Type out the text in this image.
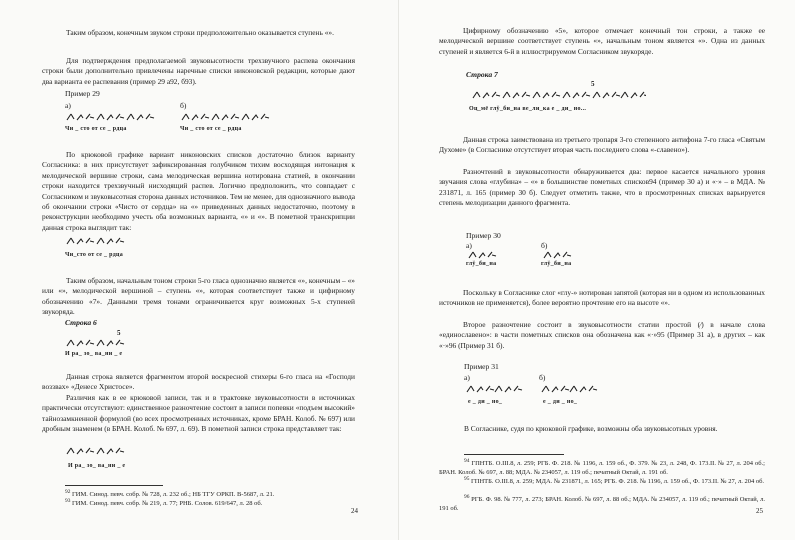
Таким образом, конечным звуком строки предположительно оказывается ступень «».
Для подтверждения предполагаемой звуковысотности трехзвучного распева окончания строки были дополнительно привлечены наречные списки никоновской редакции, которые дают два варианта ее распевания (пример 29 а92, б93).
Пример 29
а)	б)
Чи _ сто от се _ рдца	Чи _ сто от се _ рдца
По крюковой графике вариант никоновских списков достаточно близок варианту Согласника: в них присутствует зафиксированная голубчиком тихим восходящая интонация к мелодической вершине строки, сама мелодическая вершина нотирована статией, в окончании строки находится трехзвучный нисходящий распев. Логично предположить, что совпадает с Согласником и звуковысотная сторона данных источников. Тем не менее, для однозначного вывода об окончании строки «Чисто от сердца» на «» приведенных данных недостаточно, поэтому в реконструкции необходимо учесть оба возможных варианта, «» и «». В пометной транскрипции данная строка выглядит так:
Чи_сто от се _ рдца
Таким образом, начальным тоном строки 5-го гласа однозначно является «», конечным – «» или «», мелодической вершиной – ступень «», которая соответствует также и цифирному обозначению «7». Данными тремя тонами ограничивается круг возможных 5-х ступеней звукоряда.
Строка 6
5
И ра_ зо_ ва_ни _ е
Данная строка является фрагментом второй воскресной стихеры 6-го гласа на «Господи воззвах» «Денесе Христосе».
Различия как в ее крюковой записи, так и в трактовке звуковысотности в источниках практически отсутствуют: единственное разночтение состоит в записи попевки «подъем высокий» тайнозамкненной формулой (во всех просмотренных источниках, кроме БРАН. Колоб. № 697) или дробным знаменем (в БРАН. Колоб. № 697, л. 69). В пометной записи строка представляет так:
И ра_ зо_ ва_ни _ е
$^{92}$ ГИМ. Синод. певч. собр. № 728, л. 232 об.; НБ ТГУ ОРКП. В-5687, л. 21.
$^{93}$ ГИМ. Синод. певч. собр. № 219, л. 77; РНБ. Солов. 619/647, л. 28 об.
24
Цифирному обозначению «5», которое отмечает конечный тон строки, а также ее мелодической вершине соответствует ступень «», начальным тоном является «». Одна из данных ступеней и является 6-й в иллюстрируемом Согласником звукоряде.
Строка 7
5
Оц_мё глў_би_на ве_ли_ка е _ ди_ но...
Данная строка заимствована из третьего тропаря 3-го степенного антифона 7-го гласа «Святым Духоме» (в Согласнике отсутствует вторая часть последнего слова «-славено»).
Разночтений в звуковысотности обнаруживается два: первое касается начального уровня звучания слова «глубина» – «» в большинстве пометных списков94 (пример 30 а) и «·» – в МДА. № 231871, л. 165 (пример 30 б). Следует отметить также, что в просмотренных списках варьируется степень мелодизации данного фрагмента.
Пример 30
а)	б)
глў_би_на	глў_би_на
Поскольку в Согласнике слог «глу-» нотирован запятой (которая ни в одном из использованных источников не применяется), более вероятно прочтение его на высоте «».
Второе разночтение состоит в звуковысотности статии простой (⁄) в начале слова «единославено»: в части пометных списков она обозначена как «·»95 (Пример 31 а), в других – как «·»96 (Пример 31 б).
Пример 31
а)	б)
е _ ди _ но_	е _ ди _ но_
В Согласнике, судя по крюковой графике, возможны оба звуковысотных уровня.
$^{94}$ ГПНТБ. О.III.8, л. 259; РГБ. Ф. 218. № 1196, л. 159 об., Ф. 379. № 23, л. 248, Ф. 173.II. № 27, л. 204 об.; БРАН. Колоб. № 697, л. 88; МДА. № 234057, л. 119 об.; печатный Октай, л. 191 об.
$^{95}$ ГПНТБ. О.III.8, л. 259; МДА. № 231871, л. 165; РГБ. Ф. 218. № 1196, л. 159 об., Ф. 173.II. № 27, л. 204 об.
$^{96}$ РГБ. Ф. 98. № 777, л. 273; БРАН. Колоб. № 697, л. 88 об.; МДА. № 234057, л. 119 об.; печатный Октай, л. 191 об.	25
